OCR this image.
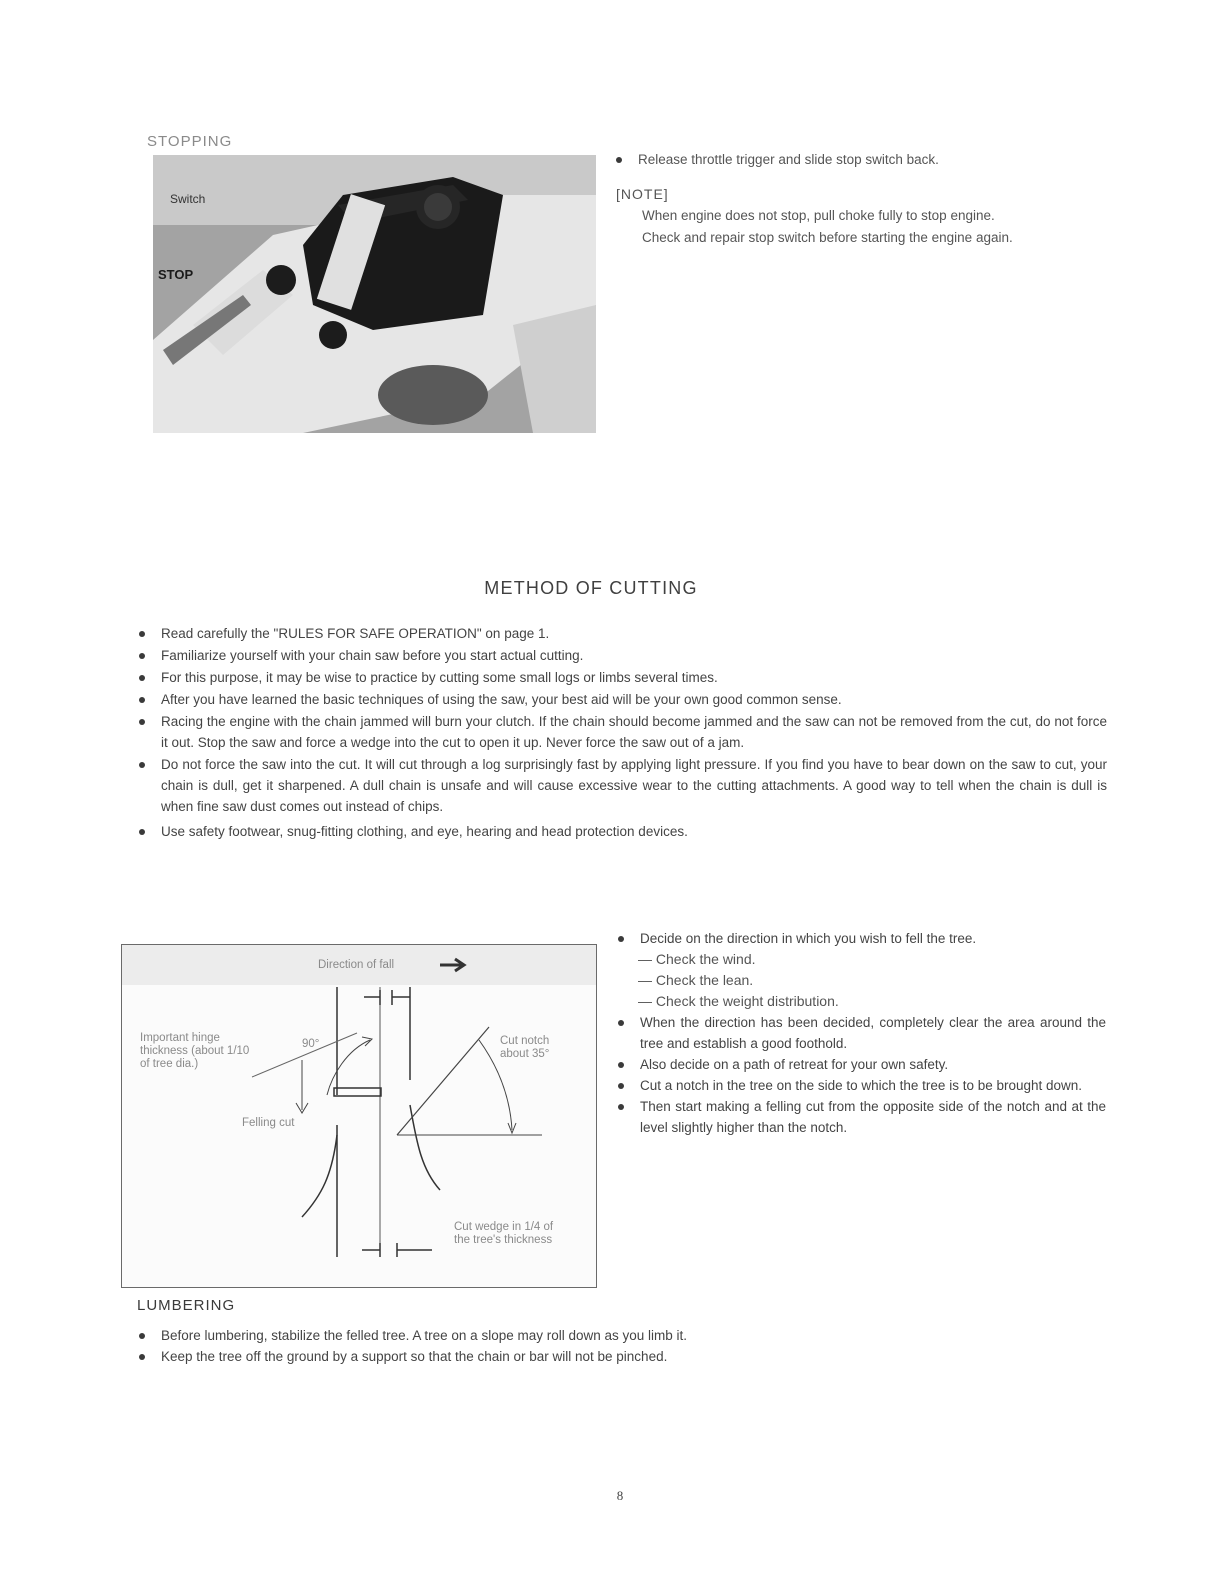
STOPPING
Switch
STOP
Release throttle trigger and slide stop switch back.
[NOTE]

When engine does not stop, pull choke fully to stop engine.

Check and repair stop switch before starting the engine again.

METHOD OF CUTTING
Read carefully the "RULES FOR SAFE OPERATION" on page 1.
Familiarize yourself with your chain saw before you start actual cutting.
For this purpose, it may be wise to practice by cutting some small logs or limbs several times.
After you have learned the basic techniques of using the saw, your best aid will be your own good common sense.
Racing the engine with the chain jammed will burn your clutch. If the chain should become jammed and the saw can not be removed from the cut, do not force it out. Stop the saw and force a wedge into the cut to open it up. Never force the saw out of a jam.
Do not force the saw into the cut. It will cut through a log surprisingly fast by applying light pressure. If you find you have to bear down on the saw to cut, your chain is dull, get it sharpened. A dull chain is unsafe and will cause excessive wear to the cutting attachments. A good way to tell when the chain is dull is when fine saw dust comes out instead of chips.
Use safety footwear, snug-fitting clothing, and eye, hearing and head protection devices.
Direction of fall
Important hinge thickness (about 1/10 of tree dia.)
90°	Cut notch about 35°
Felling cut
Cut wedge in 1/4 of the tree's thickness
Decide on the direction in which you wish to fell the tree.
— Check the wind.
— Check the lean.
— Check the weight distribution.
When the direction has been decided, completely clear the area around the tree and establish a good foothold.
Also decide on a path of retreat for your own safety.
Cut a notch in the tree on the side to which the tree is to be brought down.
Then start making a felling cut from the opposite side of the notch and at the level slightly higher than the notch.
LUMBERING
Before lumbering, stabilize the felled tree. A tree on a slope may roll down as you limb it.
Keep the tree off the ground by a support so that the chain or bar will not be pinched.
8
